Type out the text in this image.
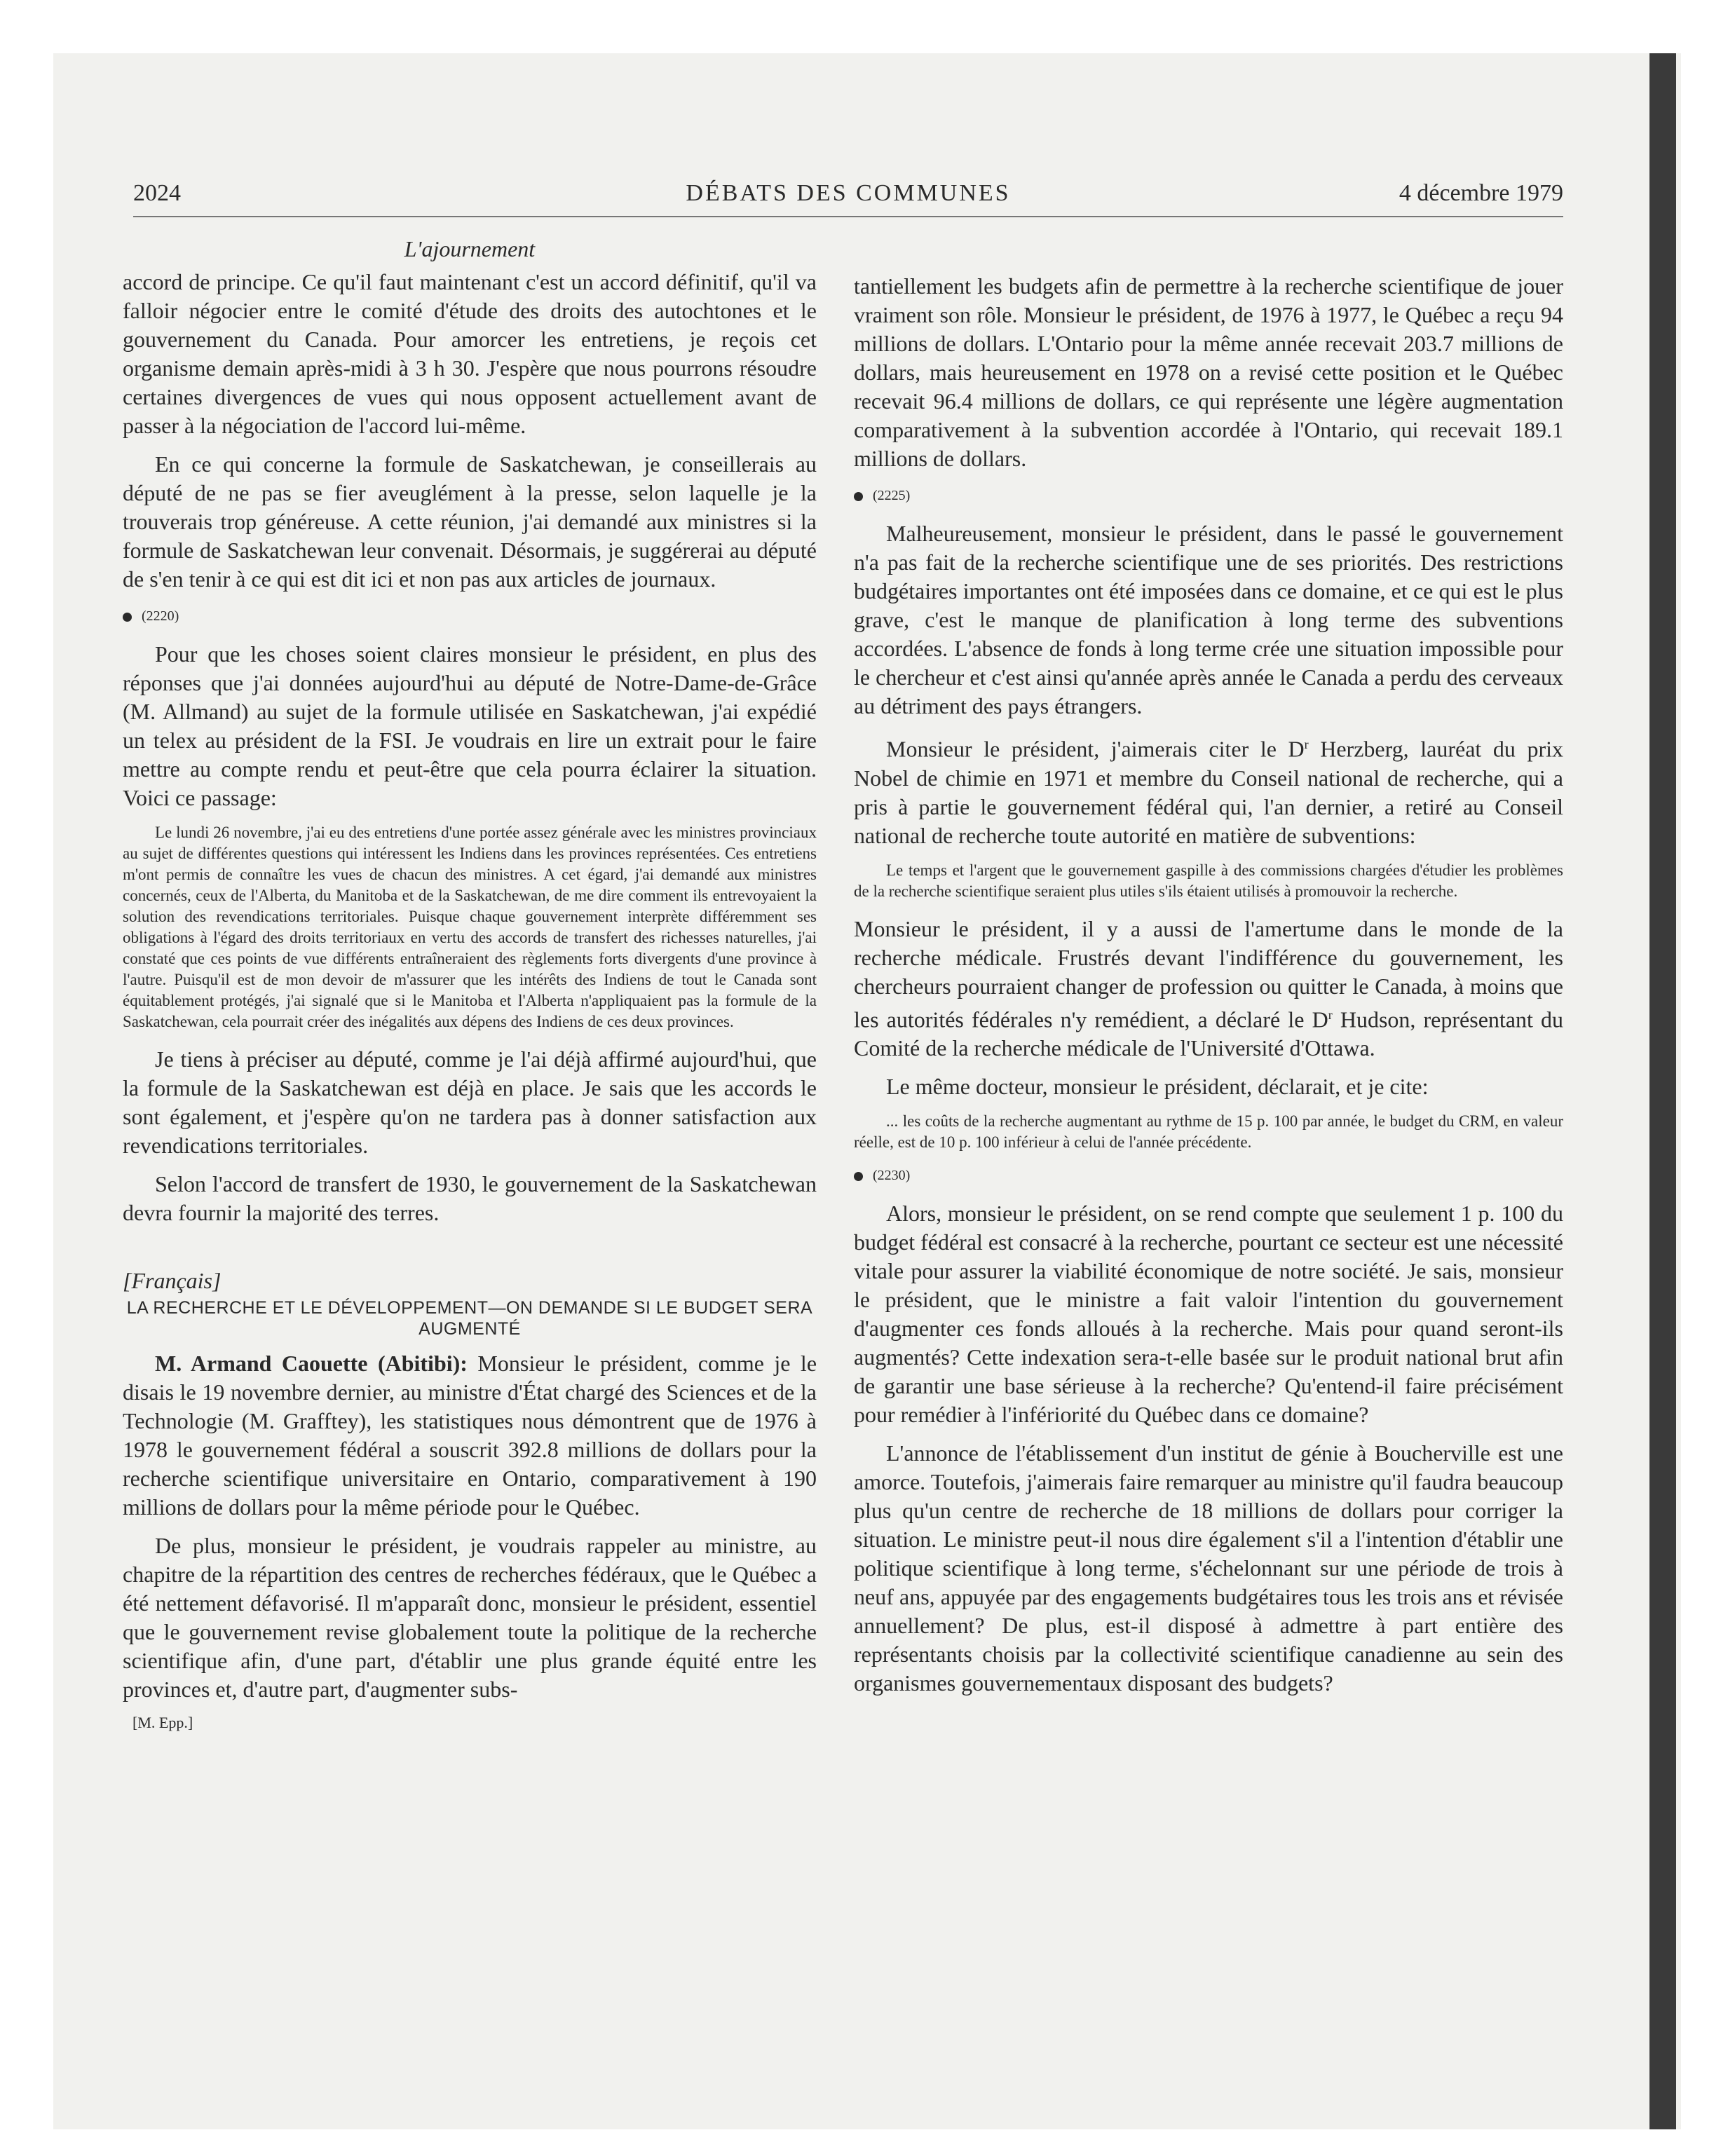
2024	DÉBATS DES COMMUNES	4 décembre 1979
L'ajournement

accord de principe. Ce qu'il faut maintenant c'est un accord définitif, qu'il va falloir négocier entre le comité d'étude des droits des autochtones et le gouvernement du Canada. Pour amorcer les entretiens, je reçois cet organisme demain après-midi à 3 h 30. J'espère que nous pourrons résoudre certaines divergences de vues qui nous opposent actuellement avant de passer à la négociation de l'accord lui-même.

En ce qui concerne la formule de Saskatchewan, je conseillerais au député de ne pas se fier aveuglément à la presse, selon laquelle je la trouverais trop généreuse. A cette réunion, j'ai demandé aux ministres si la formule de Saskatchewan leur convenait. Désormais, je suggérerai au député de s'en tenir à ce qui est dit ici et non pas aux articles de journaux.

(2220)

Pour que les choses soient claires monsieur le président, en plus des réponses que j'ai données aujourd'hui au député de Notre-Dame-de-Grâce (M. Allmand) au sujet de la formule utilisée en Saskatchewan, j'ai expédié un telex au président de la FSI. Je voudrais en lire un extrait pour le faire mettre au compte rendu et peut-être que cela pourra éclairer la situation. Voici ce passage:

Le lundi 26 novembre, j'ai eu des entretiens d'une portée assez générale avec les ministres provinciaux au sujet de différentes questions qui intéressent les Indiens dans les provinces représentées. Ces entretiens m'ont permis de connaître les vues de chacun des ministres. A cet égard, j'ai demandé aux ministres concernés, ceux de l'Alberta, du Manitoba et de la Saskatchewan, de me dire comment ils entrevoyaient la solution des revendications territoriales. Puisque chaque gouvernement interprète différemment ses obligations à l'égard des droits territoriaux en vertu des accords de transfert des richesses naturelles, j'ai constaté que ces points de vue différents entraîneraient des règlements forts divergents d'une province à l'autre. Puisqu'il est de mon devoir de m'assurer que les intérêts des Indiens de tout le Canada sont équitablement protégés, j'ai signalé que si le Manitoba et l'Alberta n'appliquaient pas la formule de la Saskatchewan, cela pourrait créer des inégalités aux dépens des Indiens de ces deux provinces.

Je tiens à préciser au député, comme je l'ai déjà affirmé aujourd'hui, que la formule de la Saskatchewan est déjà en place. Je sais que les accords le sont également, et j'espère qu'on ne tardera pas à donner satisfaction aux revendications territoriales.

Selon l'accord de transfert de 1930, le gouvernement de la Saskatchewan devra fournir la majorité des terres.

[Français]
LA RECHERCHE ET LE DÉVELOPPEMENT—ON DEMANDE SI LE BUDGET SERA AUGMENTÉ

M. Armand Caouette (Abitibi): Monsieur le président, comme je le disais le 19 novembre dernier, au ministre d'État chargé des Sciences et de la Technologie (M. Grafftey), les statistiques nous démontrent que de 1976 à 1978 le gouvernement fédéral a souscrit 392.8 millions de dollars pour la recherche scientifique universitaire en Ontario, comparativement à 190 millions de dollars pour la même période pour le Québec.

De plus, monsieur le président, je voudrais rappeler au ministre, au chapitre de la répartition des centres de recherches fédéraux, que le Québec a été nettement défavorisé. Il m'apparaît donc, monsieur le président, essentiel que le gouvernement revise globalement toute la politique de la recherche scientifique afin, d'une part, d'établir une plus grande équité entre les provinces et, d'autre part, d'augmenter subs-

[M. Epp.]

tantiellement les budgets afin de permettre à la recherche scientifique de jouer vraiment son rôle. Monsieur le président, de 1976 à 1977, le Québec a reçu 94 millions de dollars. L'Ontario pour la même année recevait 203.7 millions de dollars, mais heureusement en 1978 on a revisé cette position et le Québec recevait 96.4 millions de dollars, ce qui représente une légère augmentation comparativement à la subvention accordée à l'Ontario, qui recevait 189.1 millions de dollars.

(2225)

Malheureusement, monsieur le président, dans le passé le gouvernement n'a pas fait de la recherche scientifique une de ses priorités. Des restrictions budgétaires importantes ont été imposées dans ce domaine, et ce qui est le plus grave, c'est le manque de planification à long terme des subventions accordées. L'absence de fonds à long terme crée une situation impossible pour le chercheur et c'est ainsi qu'année après année le Canada a perdu des cerveaux au détriment des pays étrangers.

Monsieur le président, j'aimerais citer le $D^r$ Herzberg, lauréat du prix Nobel de chimie en 1971 et membre du Conseil national de recherche, qui a pris à partie le gouvernement fédéral qui, l'an dernier, a retiré au Conseil national de recherche toute autorité en matière de subventions:

Le temps et l'argent que le gouvernement gaspille à des commissions chargées d'étudier les problèmes de la recherche scientifique seraient plus utiles s'ils étaient utilisés à promouvoir la recherche.

Monsieur le président, il y a aussi de l'amertume dans le monde de la recherche médicale. Frustrés devant l'indifférence du gouvernement, les chercheurs pourraient changer de profession ou quitter le Canada, à moins que les autorités fédérales n'y remédient, a déclaré le $D^r$ Hudson, représentant du Comité de la recherche médicale de l'Université d'Ottawa.

Le même docteur, monsieur le président, déclarait, et je cite:

... les coûts de la recherche augmentant au rythme de 15 p. 100 par année, le budget du CRM, en valeur réelle, est de 10 p. 100 inférieur à celui de l'année précédente.
(2230)

Alors, monsieur le président, on se rend compte que seulement 1 p. 100 du budget fédéral est consacré à la recherche, pourtant ce secteur est une nécessité vitale pour assurer la viabilité économique de notre société. Je sais, monsieur le président, que le ministre a fait valoir l'intention du gouvernement d'augmenter ces fonds alloués à la recherche. Mais pour quand seront-ils augmentés? Cette indexation sera-t-elle basée sur le produit national brut afin de garantir une base sérieuse à la recherche? Qu'entend-il faire précisément pour remédier à l'infériorité du Québec dans ce domaine?

L'annonce de l'établissement d'un institut de génie à Boucherville est une amorce. Toutefois, j'aimerais faire remarquer au ministre qu'il faudra beaucoup plus qu'un centre de recherche de 18 millions de dollars pour corriger la situation. Le ministre peut-il nous dire également s'il a l'intention d'établir une politique scientifique à long terme, s'échelonnant sur une période de trois à neuf ans, appuyée par des engagements budgétaires tous les trois ans et révisée annuellement? De plus, est-il disposé à admettre à part entière des représentants choisis par la collectivité scientifique canadienne au sein des organismes gouvernementaux disposant des budgets?
